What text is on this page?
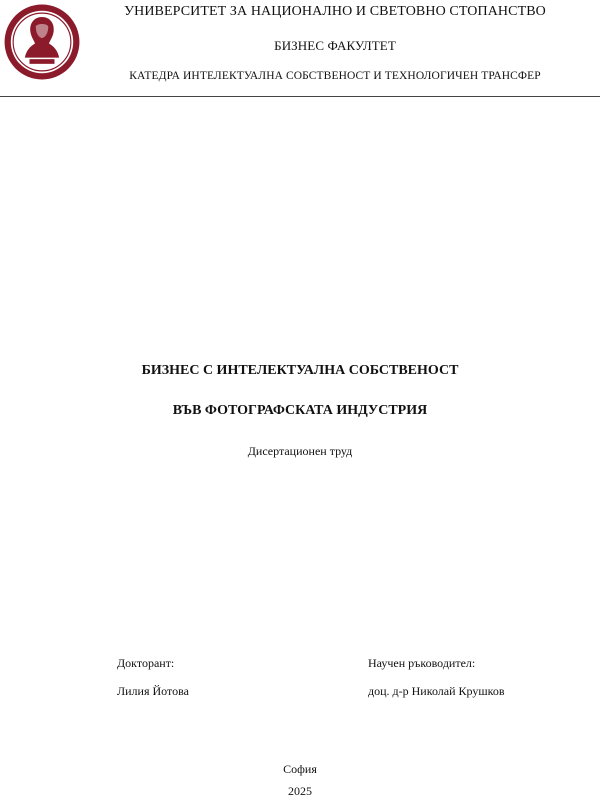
УНИВЕРСИТЕТ ЗА НАЦИОНАЛНО И СВЕТОВНО СТОПАНСТВО
БИЗНЕС ФАКУЛТЕТ
КАТЕДРА ИНТЕЛЕКТУАЛНА СОБСТВЕНОСТ И ТЕХНОЛОГИЧЕН ТРАНСФЕР
БИЗНЕС С ИНТЕЛЕКТУАЛНА СОБСТВЕНОСТ
ВЪВ ФОТОГРАФСКАТА ИНДУСТРИЯ
Дисертационен труд
Докторант:
Лилия Йотова
Научен ръководител:
доц. д-р Николай Крушков
София
2025
